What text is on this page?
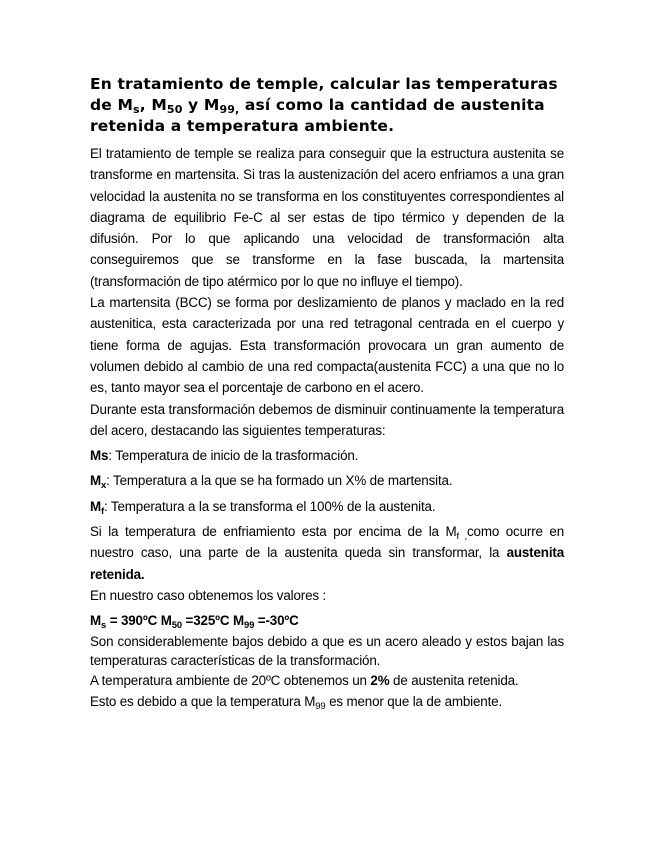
En tratamiento de temple, calcular las temperaturas de $M_s$, $M_{50}$ y $M_{99,}$ así como la cantidad de austenita retenida a temperatura ambiente.

El tratamiento de temple se realiza para conseguir que la estructura austenita se transforme en martensita. Si tras la austenización del acero enfriamos a una gran velocidad la austenita no se transforma en los constituyentes correspondientes al diagrama de equilibrio Fe-C al ser estas de tipo térmico y dependen de la difusión. Por lo que aplicando una velocidad de transformación alta conseguiremos que se transforme en la fase buscada, la martensita (transformación de tipo atérmico por lo que no influye el tiempo).

La martensita (BCC) se forma por deslizamiento de planos y maclado en la red austenitica, esta caracterizada por una red tetragonal centrada en el cuerpo y tiene forma de agujas. Esta transformación provocara un gran aumento de volumen debido al cambio de una red compacta(austenita FCC) a una que no lo es, tanto mayor sea el porcentaje de carbono en el acero.

Durante esta transformación debemos de disminuir continuamente la temperatura del acero, destacando las siguientes temperaturas:

Ms: Temperatura de inicio de la trasformación.

$M_x$: Temperatura a la que se ha formado un X% de martensita.

$M_f$: Temperatura a la se transforma el 100% de la austenita.

Si la temperatura de enfriamiento esta por encima de la $M_{f ,}como$ ocurre en nuestro caso, una parte de la austenita queda sin transformar, la austenita retenida.

En nuestro caso obtenemos los valores :

$M_s$ = 390ºC $M_{50}$ =325ºC $M_{99}$ =-30ºC

Son considerablemente bajos debido a que es un acero aleado y estos bajan las temperaturas características de la transformación.

A temperatura ambiente de 20ºC obtenemos un 2% de austenita retenida.

Esto es debido a que la temperatura $M_{99}$ es menor que la de ambiente.
